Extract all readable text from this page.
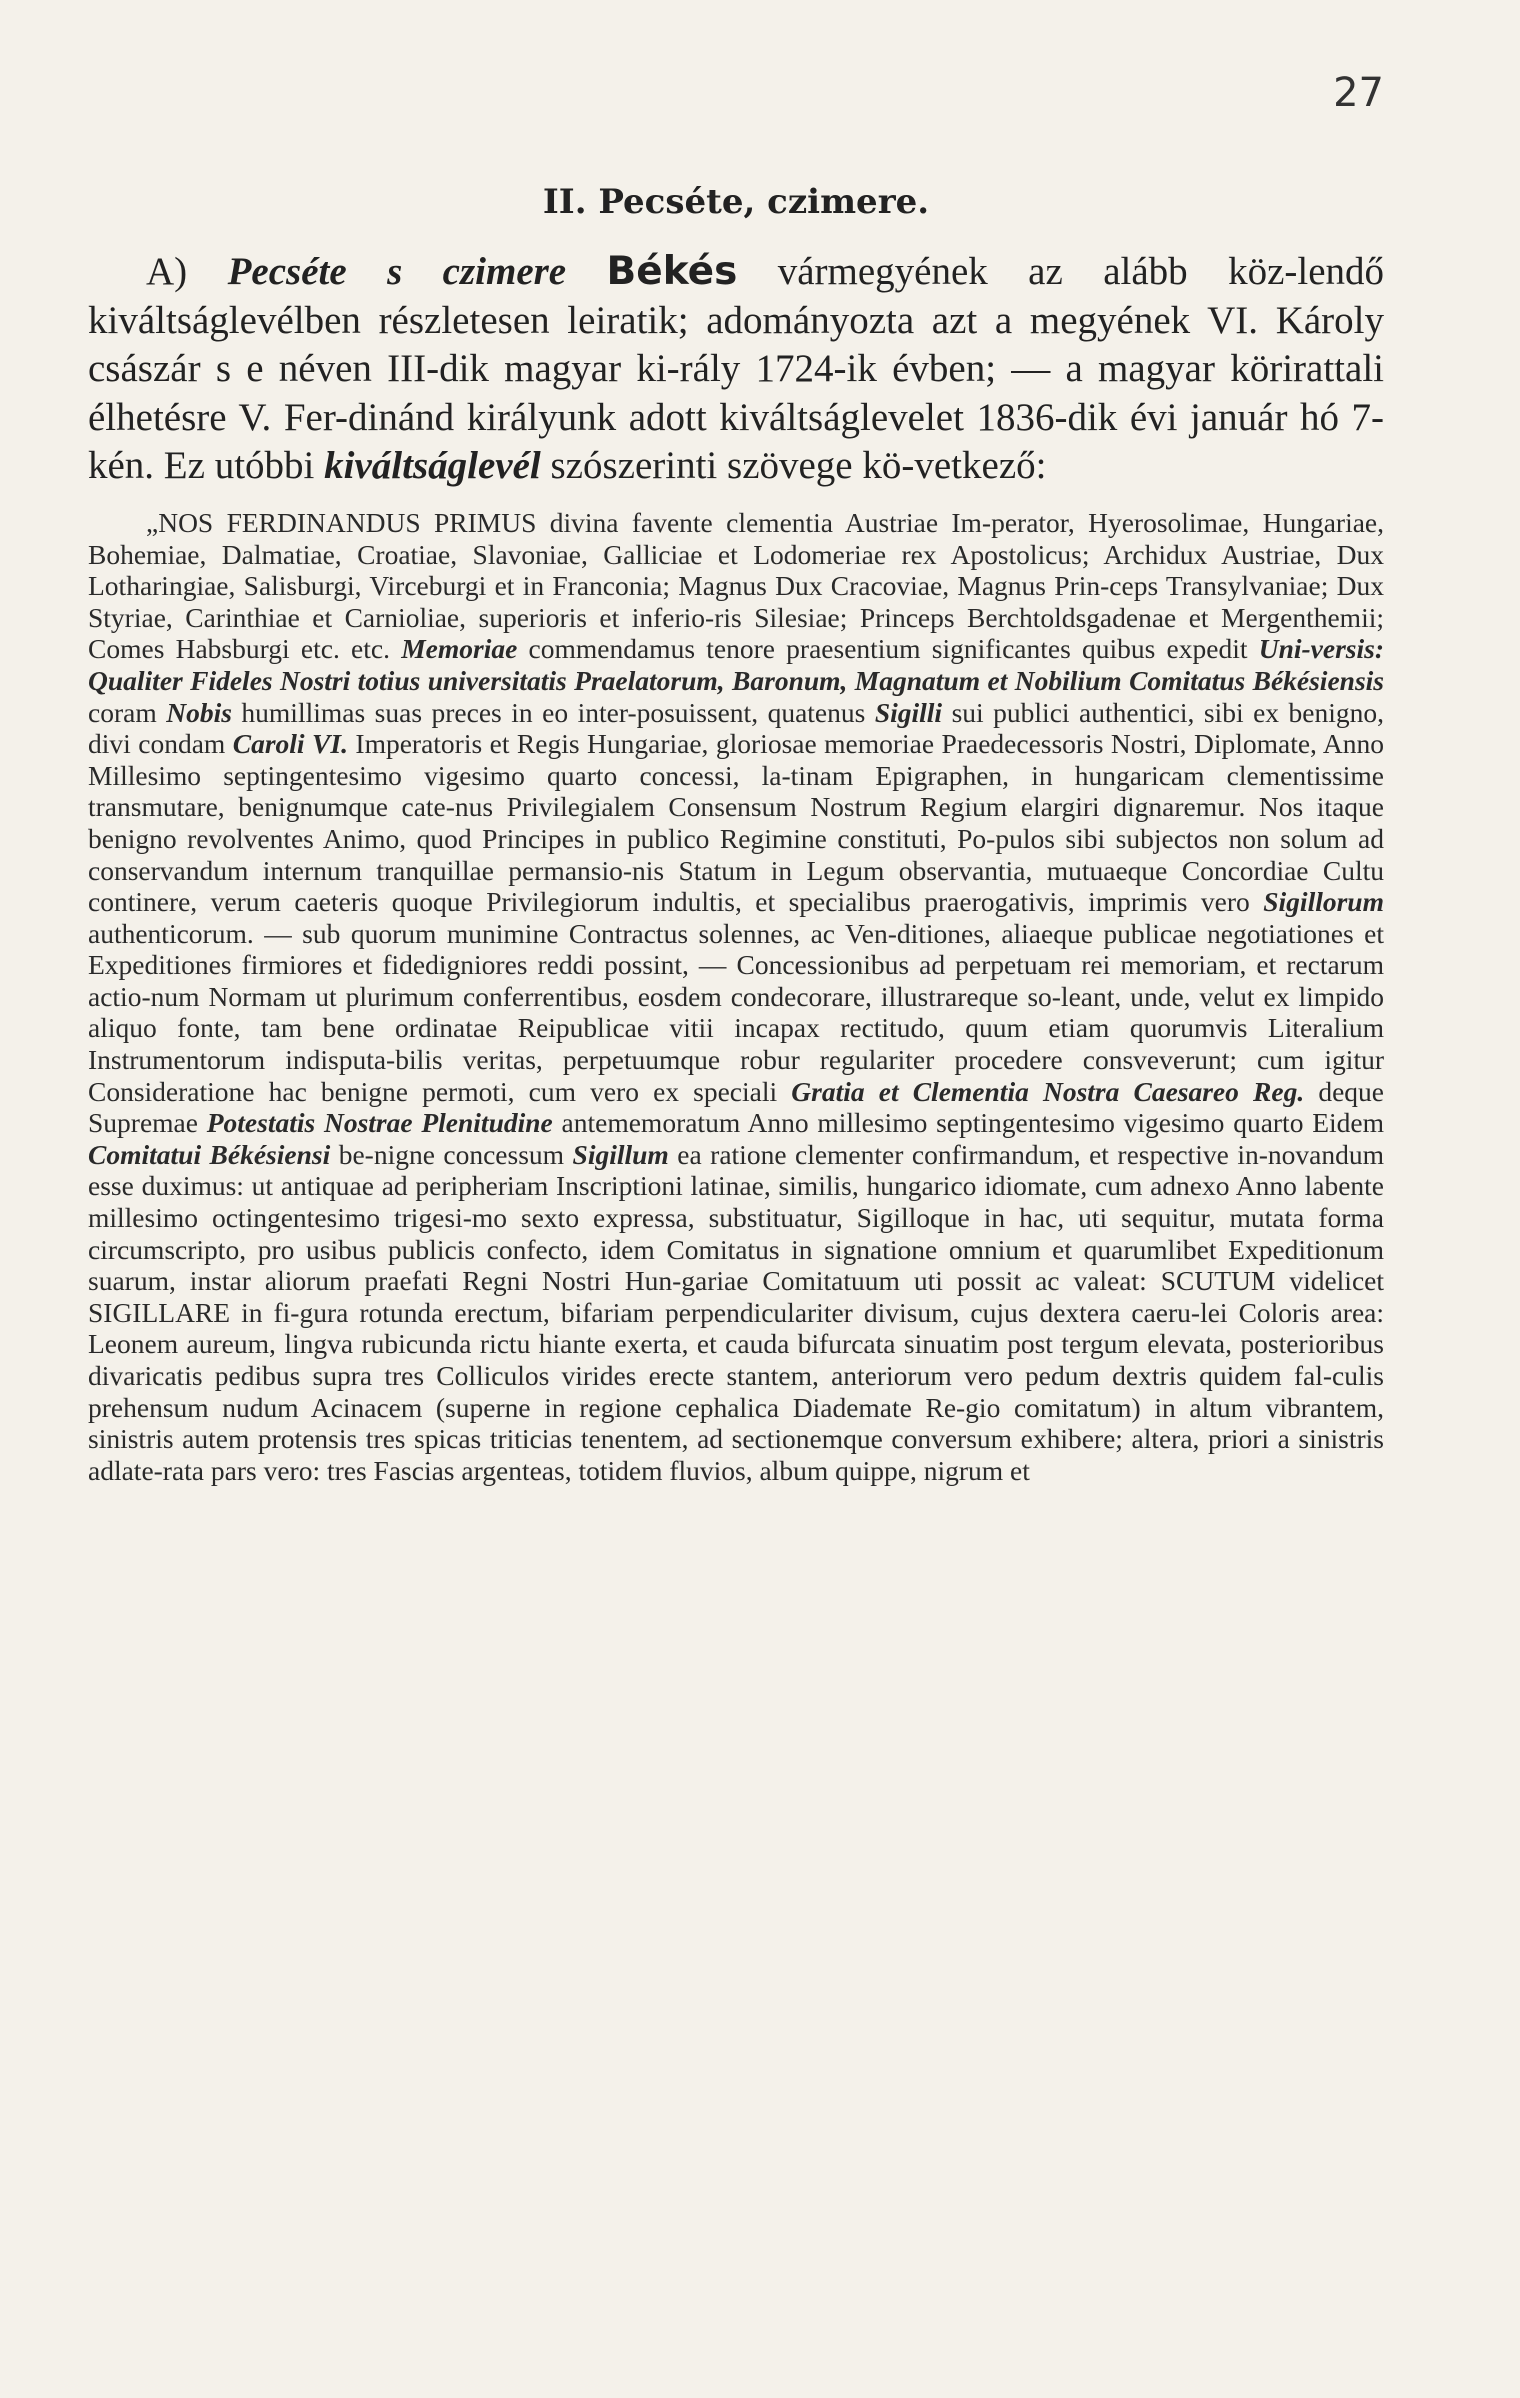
27
II. Pecséte, czimere.

A) Pecséte s czimere Békés vármegyének az alább köz-lendő kiváltságlevélben részletesen leiratik; adományozta azt a megyének VI. Károly császár s e néven III-dik magyar ki-rály 1724-ik évben; — a magyar körirattali élhetésre V. Fer-dinánd királyunk adott kiváltságlevelet 1836-dik évi január hó 7-kén. Ez utóbbi kiváltságlevél szószerinti szövege kö-vetkező:

„NOS FERDINANDUS PRIMUS divina favente clementia Austriae Im-perator, Hyerosolimae, Hungariae, Bohemiae, Dalmatiae, Croatiae, Slavoniae, Galliciae et Lodomeriae rex Apostolicus; Archidux Austriae, Dux Lotharingiae, Salisburgi, Virceburgi et in Franconia; Magnus Dux Cracoviae, Magnus Prin-ceps Transylvaniae; Dux Styriae, Carinthiae et Carnioliae, superioris et inferio-ris Silesiae; Princeps Berchtoldsgadenae et Mergenthemii; Comes Habsburgi etc. etc. Memoriae commendamus tenore praesentium significantes quibus expedit Uni-versis: Qualiter Fideles Nostri totius universitatis Praelatorum, Baronum, Magnatum et Nobilium Comitatus Békésiensis coram Nobis humillimas suas preces in eo inter-posuissent, quatenus Sigilli sui publici authentici, sibi ex benigno, divi condam Caroli VI. Imperatoris et Regis Hungariae, gloriosae memoriae Praedecessoris Nostri, Diplomate, Anno Millesimo septingentesimo vigesimo quarto concessi, la-tinam Epigraphen, in hungaricam clementissime transmutare, benignumque cate-nus Privilegialem Consensum Nostrum Regium elargiri dignaremur. Nos itaque benigno revolventes Animo, quod Principes in publico Regimine constituti, Po-pulos sibi subjectos non solum ad conservandum internum tranquillae permansio-nis Statum in Legum observantia, mutuaeque Concordiae Cultu continere, verum caeteris quoque Privilegiorum indultis, et specialibus praerogativis, imprimis vero Sigillorum authenticorum. — sub quorum munimine Contractus solennes, ac Ven-ditiones, aliaeque publicae negotiationes et Expeditiones firmiores et fidedigniores reddi possint, — Concessionibus ad perpetuam rei memoriam, et rectarum actio-num Normam ut plurimum conferrentibus, eosdem condecorare, illustrareque so-leant, unde, velut ex limpido aliquo fonte, tam bene ordinatae Reipublicae vitii incapax rectitudo, quum etiam quorumvis Literalium Instrumentorum indisputa-bilis veritas, perpetuumque robur regulariter procedere consveverunt; cum igitur Consideratione hac benigne permoti, cum vero ex speciali Gratia et Clementia Nostra Caesareo Reg. deque Supremae Potestatis Nostrae Plenitudine antememoratum Anno millesimo septingentesimo vigesimo quarto Eidem Comitatui Békésiensi be-nigne concessum Sigillum ea ratione clementer confirmandum, et respective in-novandum esse duximus: ut antiquae ad peripheriam Inscriptioni latinae, similis, hungarico idiomate, cum adnexo Anno labente millesimo octingentesimo trigesi-mo sexto expressa, substituatur, Sigilloque in hac, uti sequitur, mutata forma circumscripto, pro usibus publicis confecto, idem Comitatus in signatione omnium et quarumlibet Expeditionum suarum, instar aliorum praefati Regni Nostri Hun-gariae Comitatuum uti possit ac valeat: SCUTUM videlicet SIGILLARE in fi-gura rotunda erectum, bifariam perpendiculariter divisum, cujus dextera caeru-lei Coloris area: Leonem aureum, lingva rubicunda rictu hiante exerta, et cauda bifurcata sinuatim post tergum elevata, posterioribus divaricatis pedibus supra tres Colliculos virides erecte stantem, anteriorum vero pedum dextris quidem fal-culis prehensum nudum Acinacem (superne in regione cephalica Diademate Re-gio comitatum) in altum vibrantem, sinistris autem protensis tres spicas triticias tenentem, ad sectionemque conversum exhibere; altera, priori a sinistris adlate-rata pars vero: tres Fascias argenteas, totidem fluvios, album quippe, nigrum et
